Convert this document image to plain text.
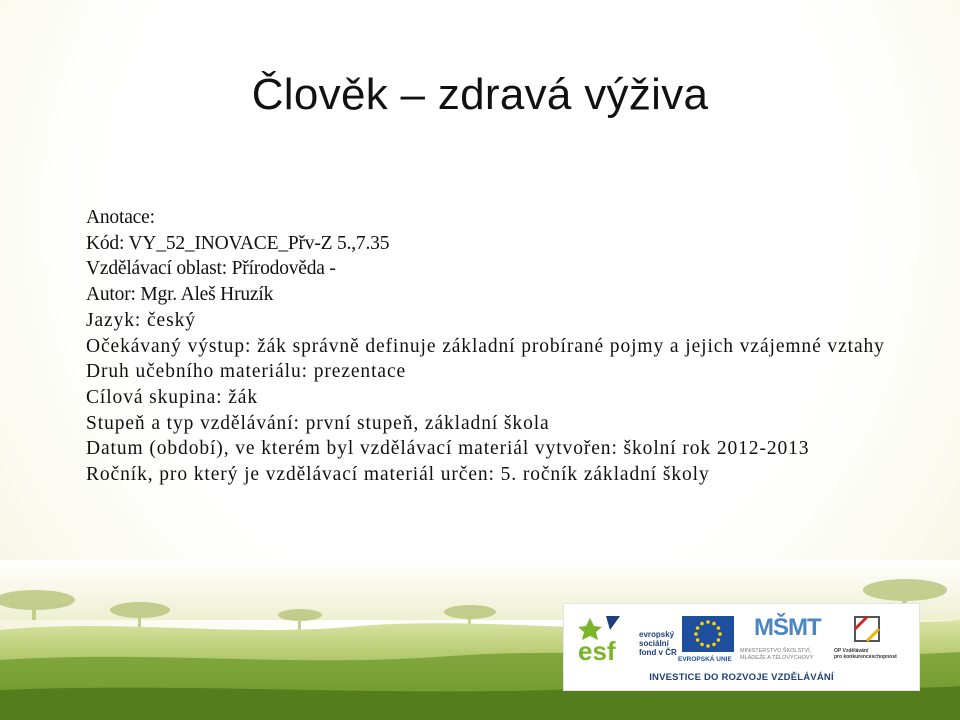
Člověk – zdravá výživa
Anotace:
Kód: VY_52_INOVACE_Přv-Z 5.,7.35
Vzdělávací oblast: Přírodověda -
Autor: Mgr. Aleš Hruzík
Jazyk: český
Očekávaný výstup: žák správně definuje základní probírané pojmy a jejich vzájemné vztahy
Druh učebního materiálu: prezentace
Cílová skupina: žák
Stupeň a typ vzdělávání: první stupeň, základní škola
Datum (období), ve kterém byl vzdělávací materiál vytvořen: školní rok 2012-2013
Ročník, pro který je vzdělávací materiál určen: 5. ročník základní školy
esf
evropský
sociální
fond v ČR
EVROPSKÁ UNIE
MŠMT
MINISTERSTVO ŠKOLSTVÍ,
MLÁDEŽE A TĚLOVÝCHOVY
OP Vzdělávání
pro konkurenceschopnost
INVESTICE DO ROZVOJE VZDĚLÁVÁNÍ
